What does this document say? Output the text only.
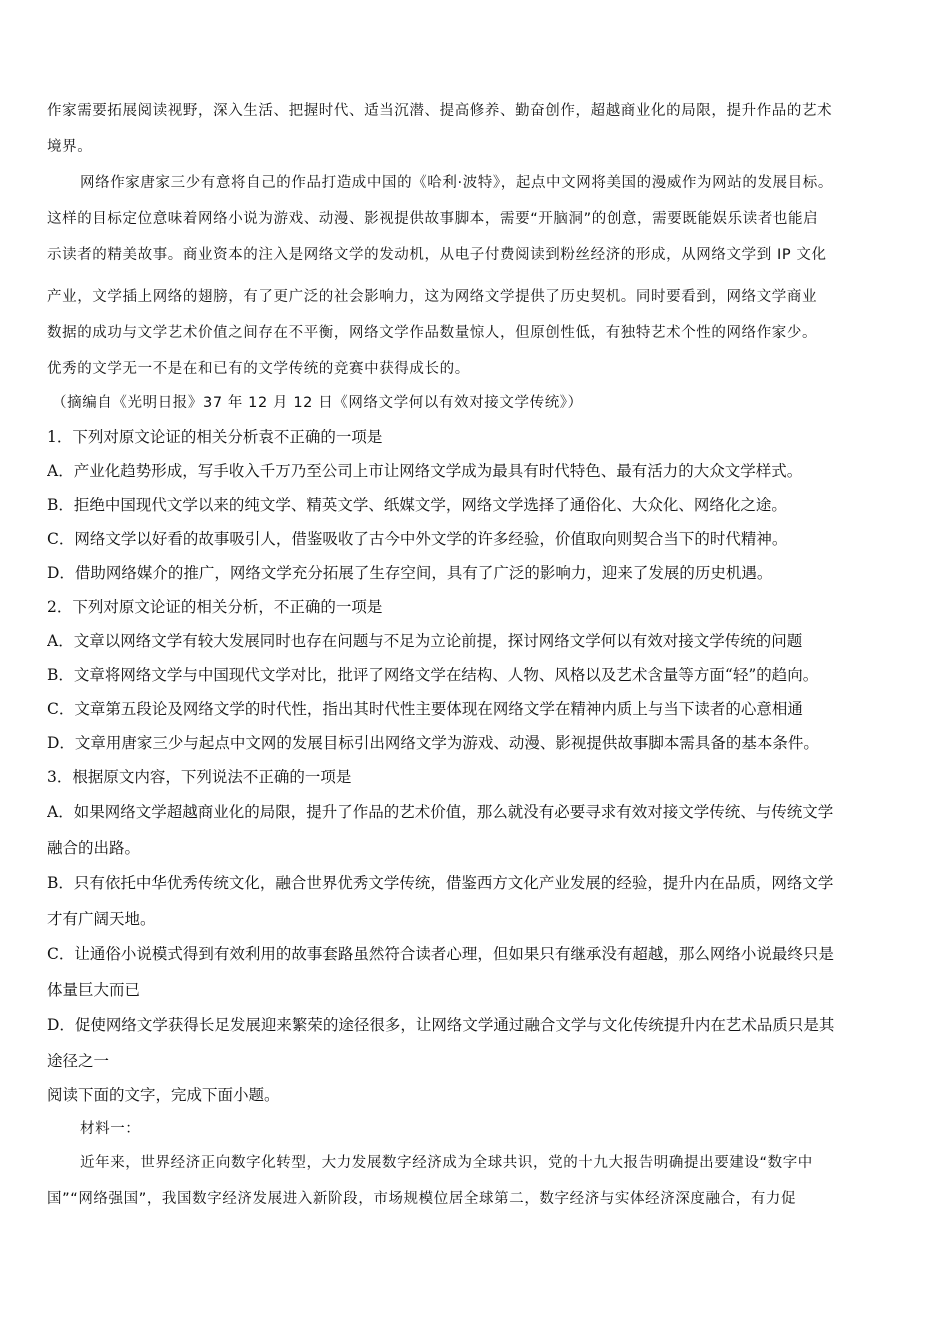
作家需要拓展阅读视野，深入生活、把握时代、适当沉潜、提高修养、勤奋创作，超越商业化的局限，提升作品的艺术
境界。
网络作家唐家三少有意将自己的作品打造成中国的《哈利·波特》，起点中文网将美国的漫威作为网站的发展目标。
这样的目标定位意味着网络小说为游戏、动漫、影视提供故事脚本，需要“开脑洞”的创意，需要既能娱乐读者也能启
示读者的精美故事。商业资本的注入是网络文学的发动机，从电子付费阅读到粉丝经济的形成，从网络文学到 IP 文化
产业，文学插上网络的翅膀，有了更广泛的社会影响力，这为网络文学提供了历史契机。同时要看到，网络文学商业
数据的成功与文学艺术价值之间存在不平衡，网络文学作品数量惊人，但原创性低，有独特艺术个性的网络作家少。
优秀的文学无一不是在和已有的文学传统的竞赛中获得成长的。
（摘编自《光明日报》37 年 12 月 12 日《网络文学何以有效对接文学传统》）
1．下列对原文论证的相关分析袁不正确的一项是
A．产业化趋势形成，写手收入千万乃至公司上市让网络文学成为最具有时代特色、最有活力的大众文学样式。
B．拒绝中国现代文学以来的纯文学、精英文学、纸媒文学，网络文学选择了通俗化、大众化、网络化之途。
C．网络文学以好看的故事吸引人，借鉴吸收了古今中外文学的许多经验，价值取向则契合当下的时代精神。
D．借助网络媒介的推广，网络文学充分拓展了生存空间，具有了广泛的影响力，迎来了发展的历史机遇。
2．下列对原文论证的相关分析，不正确的一项是
A．文章以网络文学有较大发展同时也存在问题与不足为立论前提，探讨网络文学何以有效对接文学传统的问题
B．文章将网络文学与中国现代文学对比，批评了网络文学在结构、人物、风格以及艺术含量等方面“轻”的趋向。
C．文章第五段论及网络文学的时代性，指出其时代性主要体现在网络文学在精神内质上与当下读者的心意相通
D．文章用唐家三少与起点中文网的发展目标引出网络文学为游戏、动漫、影视提供故事脚本需具备的基本条件。
3．根据原文内容，下列说法不正确的一项是
A．如果网络文学超越商业化的局限，提升了作品的艺术价值，那么就没有必要寻求有效对接文学传统、与传统文学
融合的出路。
B．只有依托中华优秀传统文化，融合世界优秀文学传统，借鉴西方文化产业发展的经验，提升内在品质，网络文学
才有广阔天地。
C．让通俗小说模式得到有效利用的故事套路虽然符合读者心理，但如果只有继承没有超越，那么网络小说最终只是
体量巨大而已
D．促使网络文学获得长足发展迎来繁荣的途径很多，让网络文学通过融合文学与文化传统提升内在艺术品质只是其
途径之一
阅读下面的文字，完成下面小题。
材料一：
近年来，世界经济正向数字化转型，大力发展数字经济成为全球共识，党的十九大报告明确提出要建设“数字中
国”“网络强国”，我国数字经济发展进入新阶段，市场规模位居全球第二，数字经济与实体经济深度融合，有力促
